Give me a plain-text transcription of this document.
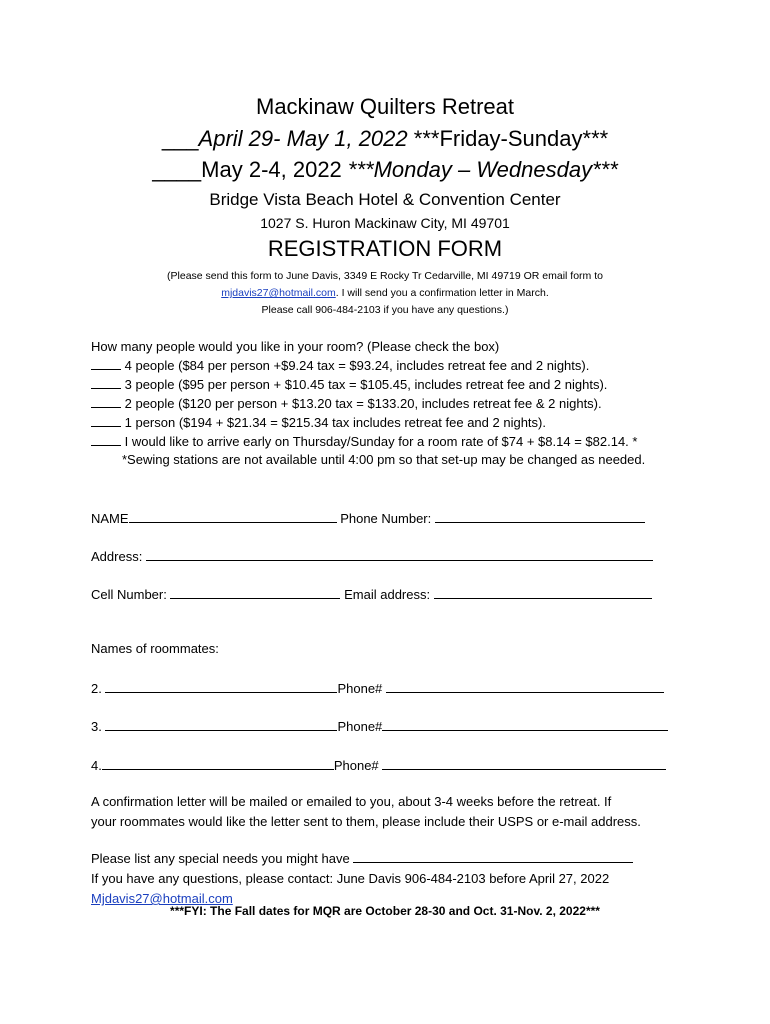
Mackinaw Quilters Retreat
___April 29- May 1, 2022 ***Friday-Sunday***
____May 2-4, 2022 ***Monday – Wednesday***
Bridge Vista Beach Hotel & Convention Center
1027 S. Huron Mackinaw City, MI 49701
REGISTRATION FORM
(Please send this form to June Davis, 3349 E Rocky Tr Cedarville, MI 49719 OR email form to
mjdavis27@hotmail.com. I will send you a confirmation letter in March.
Please call 906-484-2103 if you have any questions.)
How many people would you like in your room? (Please check the box)
4 people ($84 per person +$9.24 tax = $93.24, includes retreat fee and 2 nights).
3 people ($95 per person + $10.45 tax = $105.45, includes retreat fee and 2 nights).
2 people ($120 per person + $13.20 tax = $133.20, includes retreat fee & 2 nights).
1 person ($194 + $21.34 = $215.34 tax includes retreat fee and 2 nights).
I would like to arrive early on Thursday/Sunday for a room rate of $74 + $8.14 = $82.14. *
*Sewing stations are not available until 4:00 pm so that set-up may be changed as needed.
NAME	Phone Number:
Address:
Cell Number:	Email address:
Names of roommates:
2.	Phone#
3.	Phone#
4.	Phone#
A confirmation letter will be mailed or emailed to you, about 3-4 weeks before the retreat. If
your roommates would like the letter sent to them, please include their USPS or e-mail address.
Please list any special needs you might have
If you have any questions, please contact: June Davis 906-484-2103 before April 27, 2022
Mjdavis27@hotmail.com
***FYI: The Fall dates for MQR are October 28-30 and Oct. 31-Nov. 2, 2022***
